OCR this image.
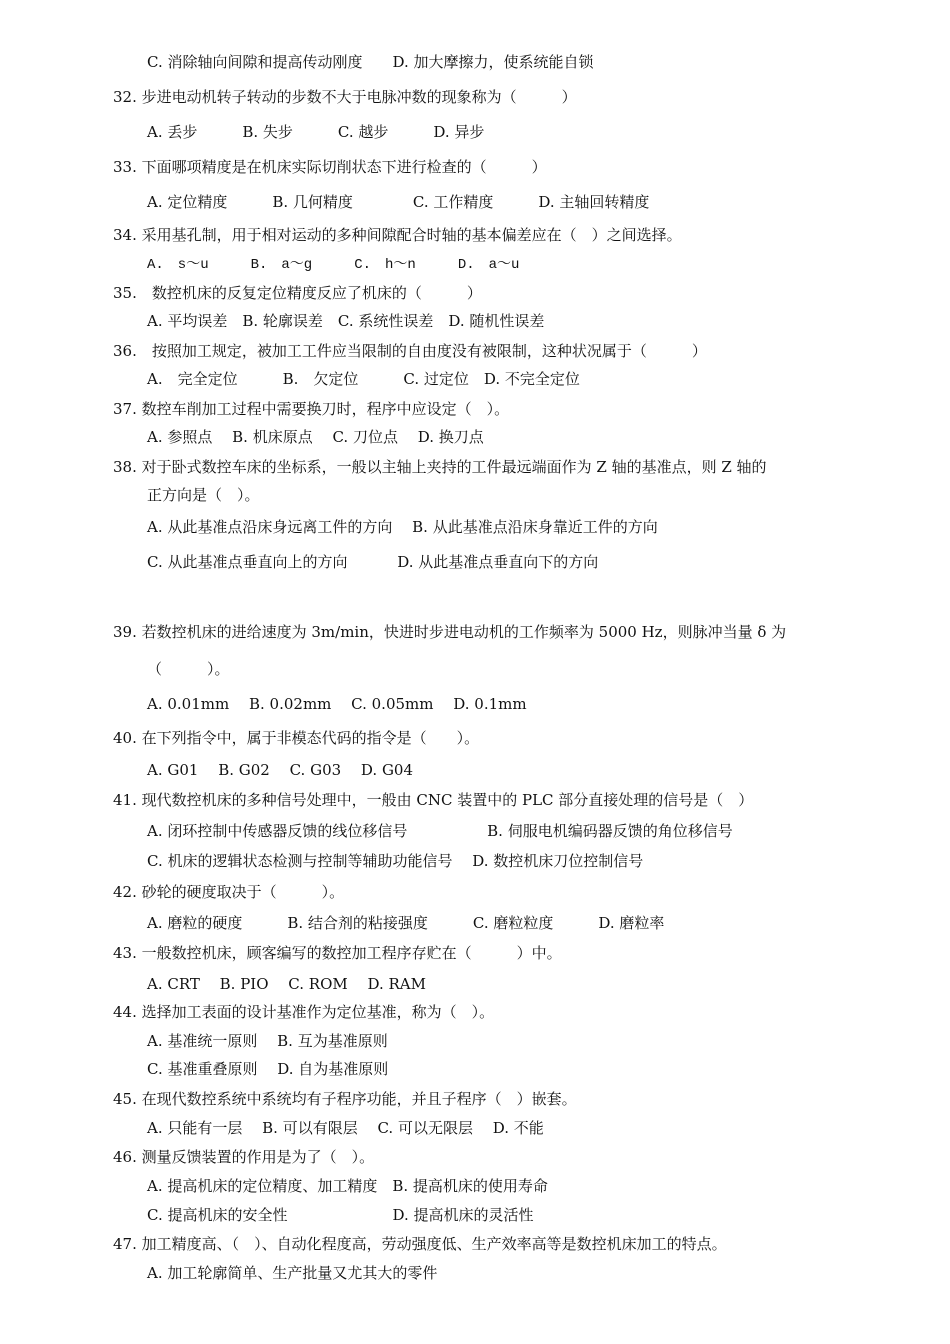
C. 消除轴向间隙和提高传动刚度　　D. 加大摩擦力，使系统能自锁
32. 步进电动机转子转动的步数不大于电脉冲数的现象称为（　　　）
A. 丢步　　　B. 失步　　　C. 越步　　　D. 异步
33. 下面哪项精度是在机床实际切削状态下进行检查的（　　　）
A. 定位精度　　　B. 几何精度　　　　C. 工作精度　　　D. 主轴回转精度
34. 采用基孔制，用于相对运动的多种间隙配合时轴的基本偏差应在（　）之间选择。
A.　s～u　　　B.　a～g　　　C.　h～n　　　D.　a～u
35.　数控机床的反复定位精度反应了机床的（　　　）
A. 平均误差　B. 轮廓误差　C. 系统性误差　D. 随机性误差
36.　按照加工规定，被加工工件应当限制的自由度没有被限制，这种状况属于（　　　）
A.　完全定位　　　B.　欠定位　　　C. 过定位　D. 不完全定位
37. 数控车削加工过程中需要换刀时，程序中应设定（　）。
A. 参照点　 B. 机床原点　 C. 刀位点　 D. 换刀点
38. 对于卧式数控车床的坐标系，一般以主轴上夹持的工件最远端面作为 Z 轴的基准点，则 Z 轴的
正方向是（　）。
A. 从此基准点沿床身远离工件的方向　 B. 从此基准点沿床身靠近工件的方向
C. 从此基准点垂直向上的方向　　　 D. 从此基准点垂直向下的方向
39. 若数控机床的进给速度为 3m/min，快进时步进电动机的工作频率为 5000 Hz，则脉冲当量 δ 为
（　　　）。
A. 0.01mm　 B. 0.02mm　 C. 0.05mm　 D. 0.1mm
40. 在下列指令中，属于非模态代码的指令是（　　）。
A. G01　 B. G02　 C. G03　 D. G04
41. 现代数控机床的多种信号处理中，一般由 CNC 装置中的 PLC 部分直接处理的信号是（　）
A. 闭环控制中传感器反馈的线位移信号　　　　　 B. 伺服电机编码器反馈的角位移信号
C. 机床的逻辑状态检测与控制等辅助功能信号　 D. 数控机床刀位控制信号
42. 砂轮的硬度取决于（　　　）。
A. 磨粒的硬度　　　B. 结合剂的粘接强度　　　C. 磨粒粒度　　　D. 磨粒率
43. 一般数控机床，顾客编写的数控加工程序存贮在（　　　）中。
A. CRT　 B. PIO　 C. ROM　 D. RAM
44. 选择加工表面的设计基准作为定位基准，称为（　）。
A. 基准统一原则　 B. 互为基准原则
C. 基准重叠原则　 D. 自为基准原则
45. 在现代数控系统中系统均有子程序功能，并且子程序（　）嵌套。
A. 只能有一层　 B. 可以有限层　 C. 可以无限层　 D. 不能
46. 测量反馈装置的作用是为了（　）。
A. 提高机床的定位精度、加工精度　B. 提高机床的使用寿命
C. 提高机床的安全性　　　　　　　D. 提高机床的灵活性
47. 加工精度高、（　）、自动化程度高，劳动强度低、生产效率高等是数控机床加工的特点。
A. 加工轮廓简单、生产批量又尤其大的零件
